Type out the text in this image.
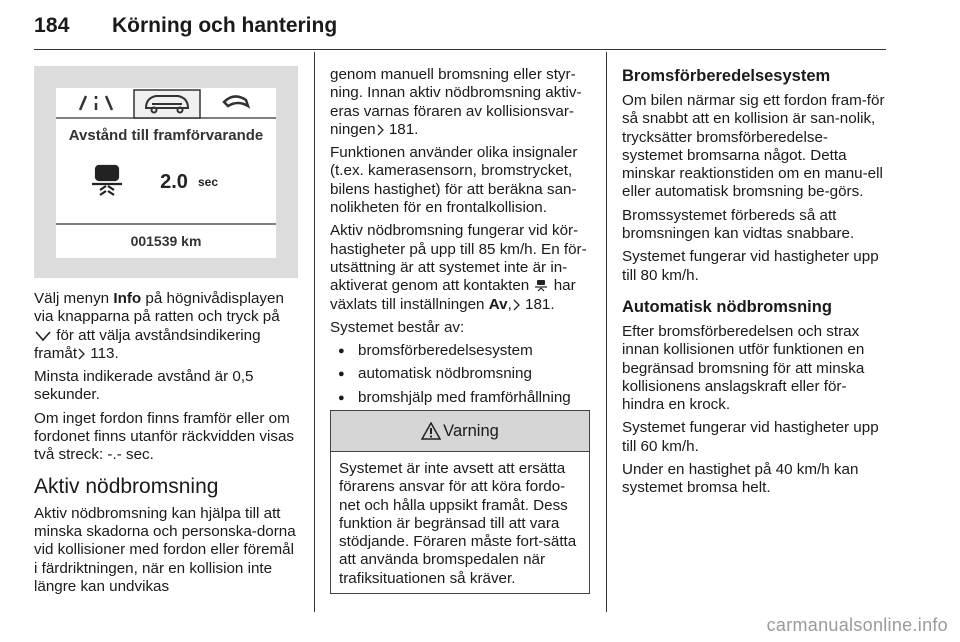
184 Körning och hantering
Avstånd till framförvarande
2.0 sec
001539 km

Välj menyn Info på högnivådisplayen via knapparna på ratten och tryck på
för att välja avståndsindikering framåt 113.

Minsta indikerade avstånd är 0,5 sekunder.

Om inget fordon finns framför eller om fordonet finns utanför räckvidden visas två streck: -.- sec.

Aktiv nödbromsning

Aktiv nödbromsning kan hjälpa till att minska skadorna och personska-dorna vid kollisioner med fordon eller föremål i färdriktningen, när en kollision inte längre kan undvikas

genom manuell bromsning eller styr-ning. Innan aktiv nödbromsning aktiv-eras varnas föraren av kollisionsvar-ningen 181.

Funktionen använder olika insignaler (t.ex. kamerasensorn, bromstrycket, bilens hastighet) för att beräkna san-nolikheten för en frontalkollision.

Aktiv nödbromsning fungerar vid kör-hastigheter på upp till 85 km/h. En för-utsättning är att systemet inte är in-aktiverat genom att kontakten  har växlats till inställningen Av, 181.

Systemet består av:

● bromsförberedelsesystem
● automatisk nödbromsning
● bromshjälp med framförhållning
Varning
Systemet är inte avsett att ersätta förarens ansvar för att köra fordo-net och hålla uppsikt framåt. Dess funktion är begränsad till att vara stödjande. Föraren måste fort-sätta att använda bromspedalen när trafiksituationen så kräver.
Bromsförberedelsesystem

Om bilen närmar sig ett fordon fram-för så snabbt att en kollision är san-nolik, trycksätter bromsförberedelse-systemet bromsarna något. Detta minskar reaktionstiden om en manu-ell eller automatisk bromsning be-görs.

Bromssystemet förbereds så att bromsningen kan vidtas snabbare.

Systemet fungerar vid hastigheter upp till 80 km/h.

Automatisk nödbromsning

Efter bromsförberedelsen och strax innan kollisionen utför funktionen en begränsad bromsning för att minska kollisionens anslagskraft eller för-hindra en krock.

Systemet fungerar vid hastigheter upp till 60 km/h.

Under en hastighet på 40 km/h kan systemet bromsa helt.

carmanualsonline.info
